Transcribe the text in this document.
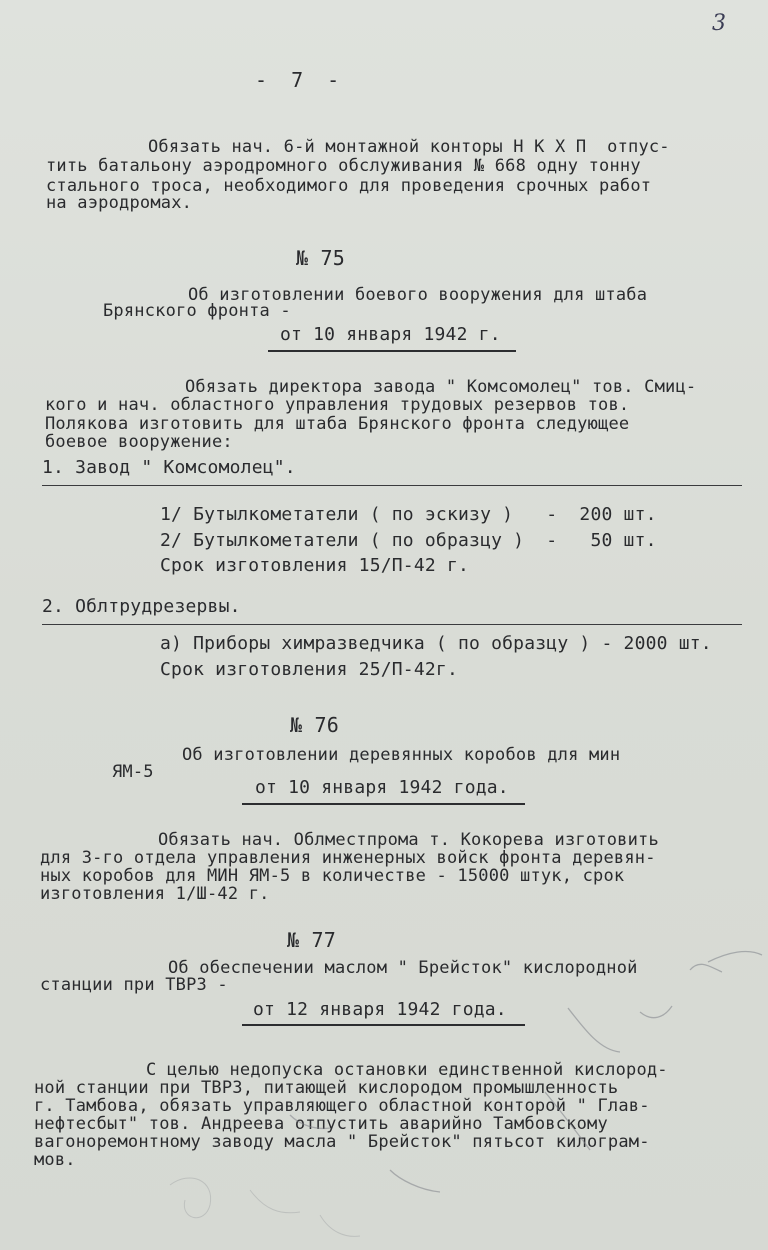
3
- 7 -
Обязать нач. 6-й монтажной конторы Н К Х П  отпус-
тить батальону аэродромного обслуживания № 668 одну тонну
стального троса, необходимого для проведения срочных работ
на аэродромах.
№ 75
Об изготовлении боевого вооружения для штаба
Брянского фронта -
от 10 января 1942 г.
Обязать директора завода " Комсомолец" тов. Смиц-
кого и нач. областного управления трудовых резервов тов.
Полякова изготовить для штаба Брянского фронта следующее
боевое вооружение:
1. Завод " Комсомолец".
1/ Бутылкометатели ( по эскизу )   -  200 шт.
2/ Бутылкометатели ( по образцу )  -   50 шт.
Срок изготовления 15/П-42 г.
2. Облтрудрезервы.
а) Приборы химразведчика ( по образцу ) - 2000 шт.
Срок изготовления 25/П-42г.
№ 76
Об изготовлении деревянных коробов для мин
ЯМ-5
от 10 января 1942 года.
Обязать нач. Облместпрома т. Кокорева изготовить
для 3-го отдела управления инженерных войск фронта деревян-
ных коробов для МИН ЯМ-5 в количестве - 15000 штук, срок
изготовления 1/Ш-42 г.
№ 77
Об обеспечении маслом " Брейсток" кислородной
станции при ТВРЗ -
от 12 января 1942 года.
С целью недопуска остановки единственной кислород-
ной станции при ТВРЗ, питающей кислородом промышленность
г. Тамбова, обязать управляющего областной конторой " Глав-
нефтесбыт" тов. Андреева отпустить аварийно Тамбовскому
вагоноремонтному заводу масла " Брейсток" пятьсот килограм-
мов.
